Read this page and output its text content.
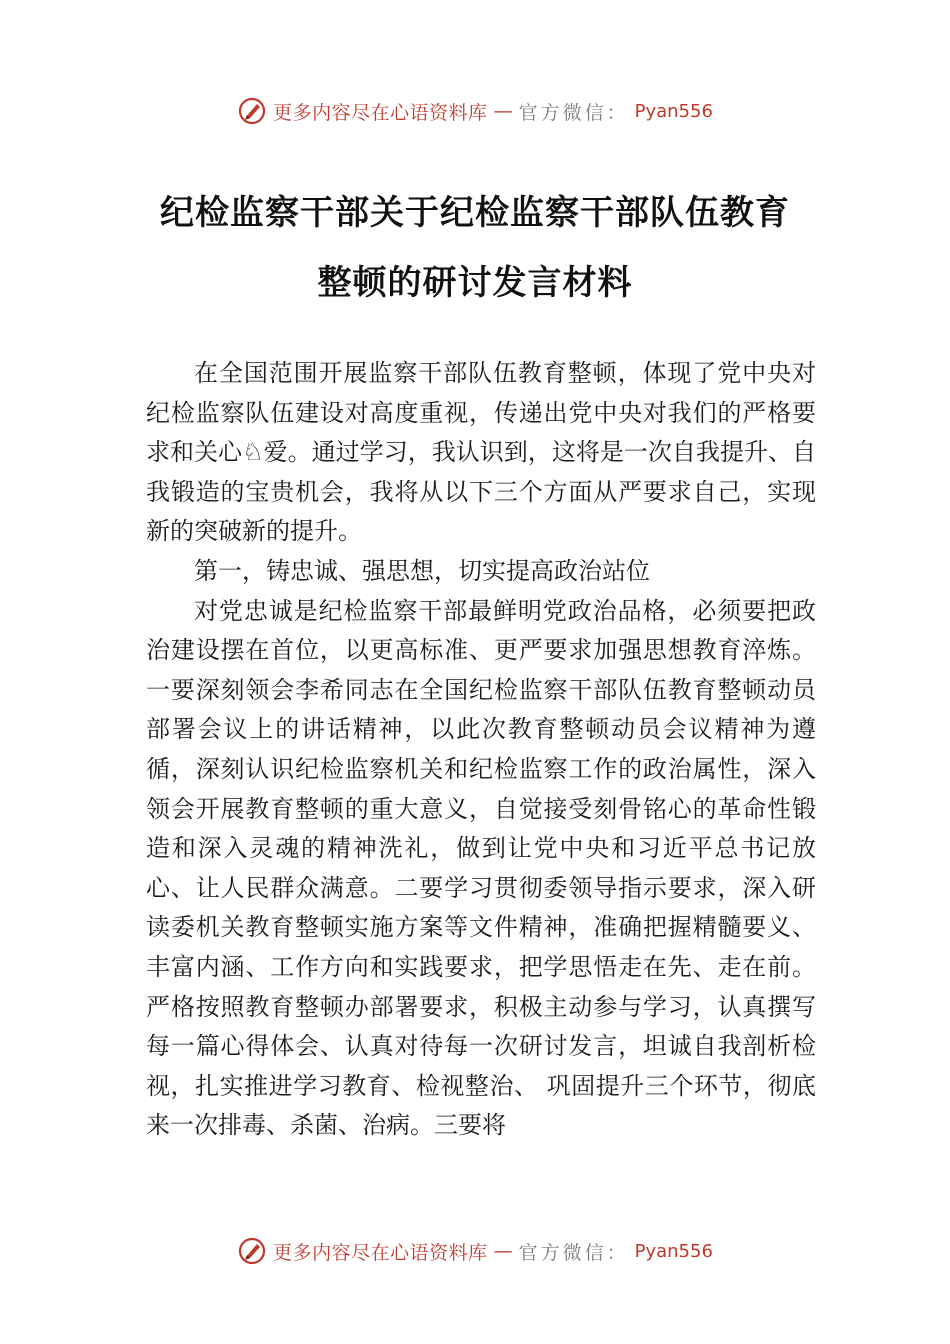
更多内容尽在心语资料库 — 官方微信： Pyan556
纪检监察干部关于纪检监察干部队伍教育
整顿的研讨发言材料

在全国范围开展监察干部队伍教育整顿，体现了党中央对纪检监察队伍建设对高度重视，传递出党中央对我们的严格要求和关心♘爱。通过学习，我认识到，这将是一次自我提升、自我锻造的宝贵机会，我将从以下三个方面从严要求自己，实现新的突破新的提升。

第一，铸忠诚、强思想，切实提高政治站位

对党忠诚是纪检监察干部最鲜明党政治品格，必须要把政治建设摆在首位，以更高标准、更严要求加强思想教育淬炼。一要深刻领会李希同志在全国纪检监察干部队伍教育整顿动员部署会议上的讲话精神，以此次教育整顿动员会议精神为遵循，深刻认识纪检监察机关和纪检监察工作的政治属性，深入领会开展教育整顿的重大意义，自觉接受刻骨铭心的革命性锻造和深入灵魂的精神洗礼，做到让党中央和习近平总书记放心、让人民群众满意。二要学习贯彻委领导指示要求，深入研读委机关教育整顿实施方案等文件精神，准确把握精髓要义、丰富内涵、工作方向和实践要求，把学思悟走在先、走在前。严格按照教育整顿办部署要求，积极主动参与学习，认真撰写每一篇心得体会、认真对待每一次研讨发言，坦诚自我剖析检视，扎实推进学习教育、检视整治、 巩固提升三个环节，彻底来一次排毒、杀菌、治病。三要将

更多内容尽在心语资料库 — 官方微信： Pyan556
